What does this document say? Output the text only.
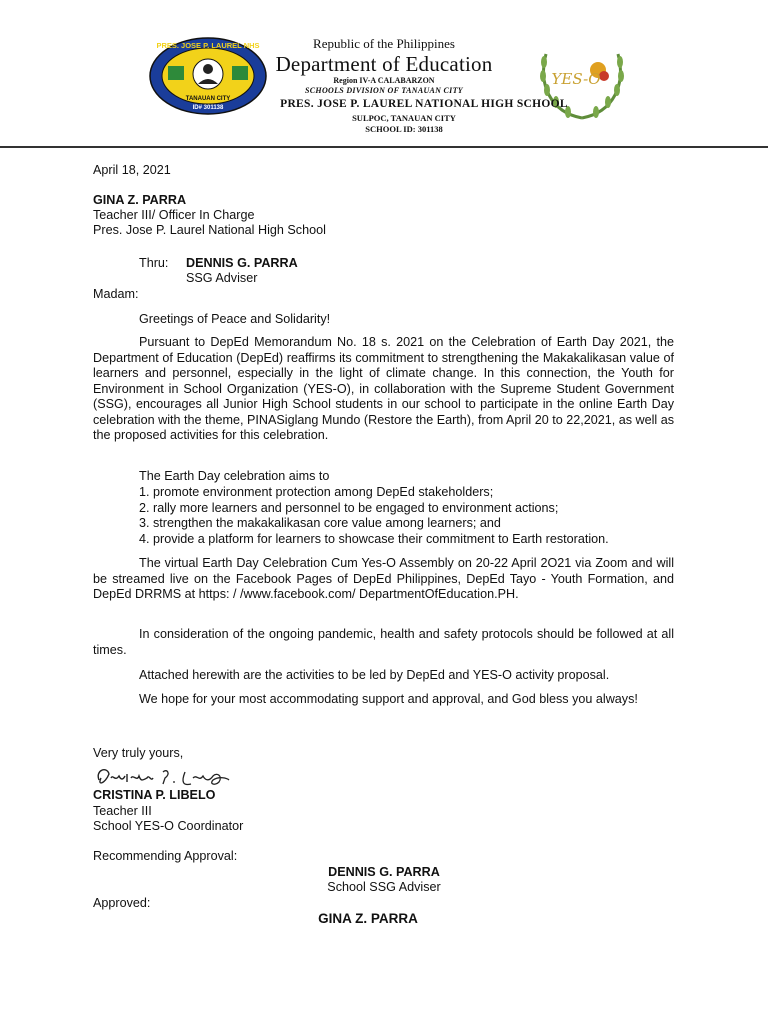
PRES. JOSE P. LAUREL NHS
TANAUAN CITY
ID# 301138
YES-O

Republic of the Philippines

Department of Education

Region IV-A CALABARZON

SCHOOLS DIVISION OF TANAUAN CITY

PRES. JOSE P. LAUREL NATIONAL HIGH SCHOOL

SULPOC, TANAUAN CITY

SCHOOL ID: 301138

April 18, 2021

GINA Z. PARRA

Teacher III/ Officer In Charge

Pres. Jose P. Laurel National High School

Thru: DENNIS G. PARRA

SSG Adviser

Madam:

Greetings of Peace and Solidarity!

Pursuant to DepEd Memorandum No. 18 s. 2021 on the Celebration of Earth Day 2021, the Department of Education (DepEd) reaffirms its commitment to strengthening the Makakalikasan value of learners and personnel, especially in the light of climate change. In this connection, the Youth for Environment in School Organization (YES-O), in collaboration with the Supreme Student Government (SSG), encourages all Junior High School students in our school to participate in the online Earth Day celebration with the theme, PINASiglang Mundo (Restore the Earth), from April 20 to 22,2021, as well as the proposed activities for this celebration.

The Earth Day celebration aims to

1. promote environment protection among DepEd stakeholders;
2. rally more learners and personnel to be engaged to environment actions;
3. strengthen the makakalikasan core value among learners; and
4. provide a platform for learners to showcase their commitment to Earth restoration.

The virtual Earth Day Celebration Cum Yes-O Assembly on 20-22 April 2O21 via Zoom and will be streamed live on the Facebook Pages of DepEd Philippines, DepEd Tayo - Youth Formation, and DepEd DRRMS at https: / /www.facebook.com/ DepartmentOfEducation.PH.

In consideration of the ongoing pandemic, health and safety protocols should be followed at all times.

Attached herewith are the activities to be led by DepEd and YES-O activity proposal.

We hope for your most accommodating support and approval, and God bless you always!

Very truly yours,

CRISTINA P. LIBELO

Teacher III

School YES-O Coordinator

Recommending Approval:

DENNIS G. PARRA

School SSG Adviser

Approved:

GINA Z. PARRA
